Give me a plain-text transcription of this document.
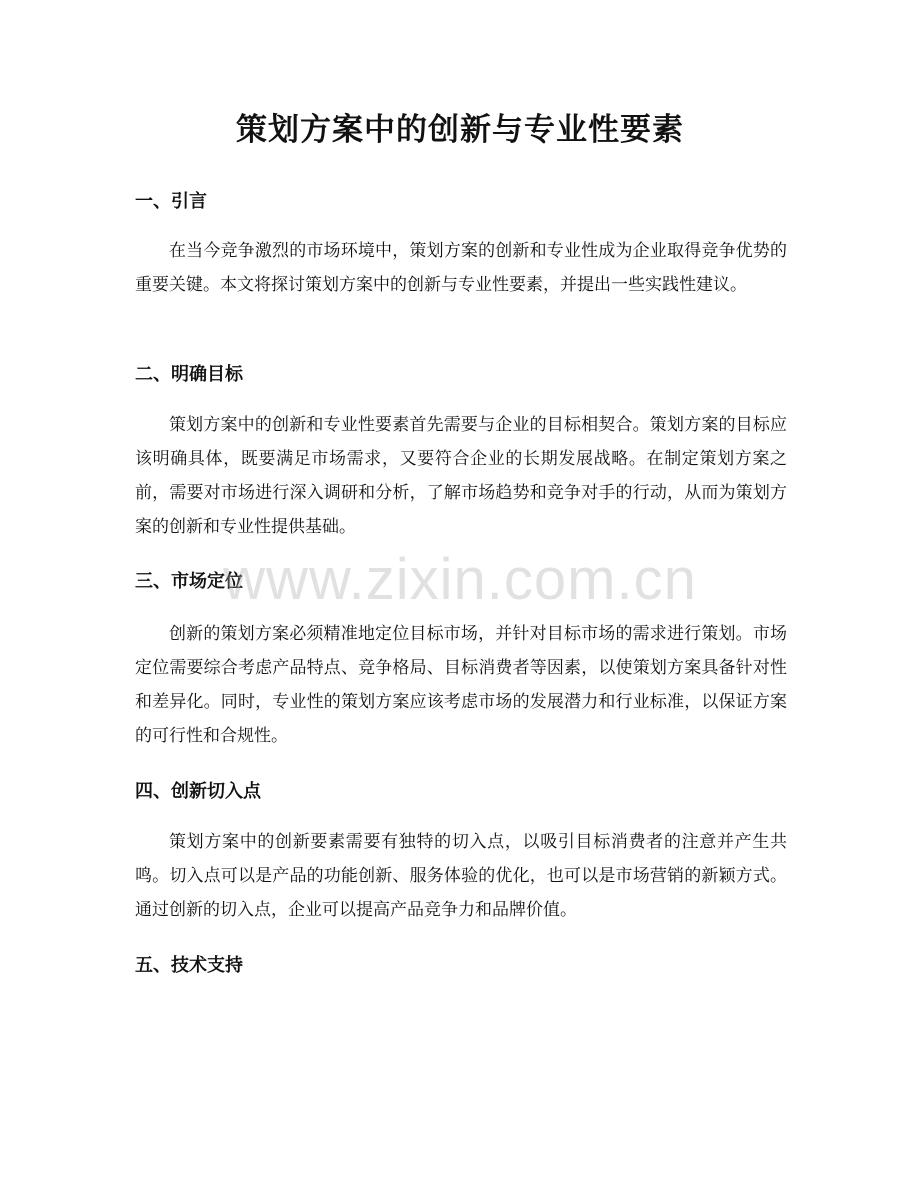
策划方案中的创新与专业性要素
一、引言

在当今竞争激烈的市场环境中，策划方案的创新和专业性成为企业取得竞争优势的重要关键。本文将探讨策划方案中的创新与专业性要素，并提出一些实践性建议。

二、明确目标

策划方案中的创新和专业性要素首先需要与企业的目标相契合。策划方案的目标应该明确具体，既要满足市场需求，又要符合企业的长期发展战略。在制定策划方案之前，需要对市场进行深入调研和分析，了解市场趋势和竞争对手的行动，从而为策划方案的创新和专业性提供基础。

三、市场定位

创新的策划方案必须精准地定位目标市场，并针对目标市场的需求进行策划。市场定位需要综合考虑产品特点、竞争格局、目标消费者等因素，以使策划方案具备针对性和差异化。同时，专业性的策划方案应该考虑市场的发展潜力和行业标准，以保证方案的可行性和合规性。

四、创新切入点

策划方案中的创新要素需要有独特的切入点，以吸引目标消费者的注意并产生共鸣。切入点可以是产品的功能创新、服务体验的优化，也可以是市场营销的新颖方式。通过创新的切入点，企业可以提高产品竞争力和品牌价值。

五、技术支持
www.zixin.com.cn
